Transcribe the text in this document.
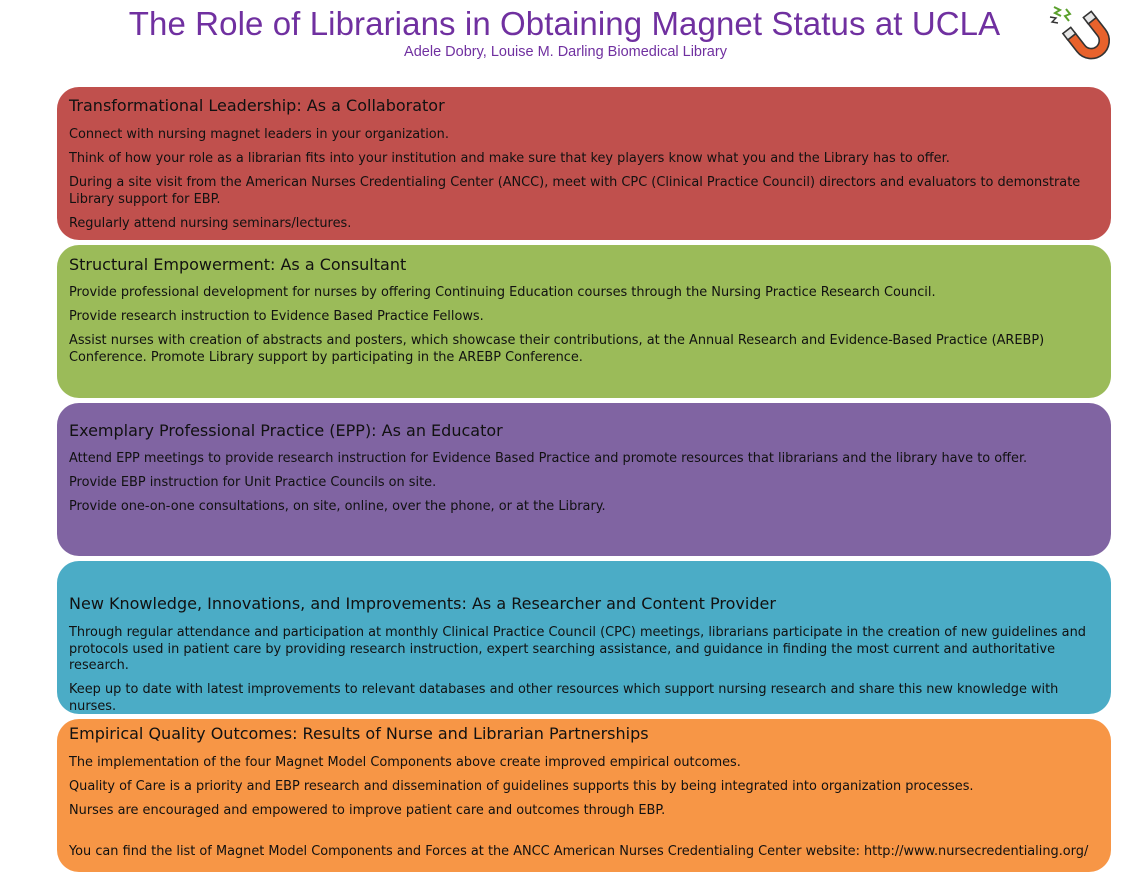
The Role of Librarians in Obtaining Magnet Status at UCLA
Adele Dobry, Louise M. Darling Biomedical Library
Transformational Leadership: As a Collaborator

Connect with nursing magnet leaders in your organization.

Think of how your role as a librarian fits into your institution and make sure that key players know what you and the Library has to offer.

During a site visit from the American Nurses Credentialing Center (ANCC), meet with CPC (Clinical Practice Council) directors and evaluators to demonstrate Library support for EBP.

Regularly attend nursing seminars/lectures.

Structural Empowerment: As a Consultant

Provide professional development for nurses by offering Continuing Education courses through the Nursing Practice Research Council.

Provide research instruction to Evidence Based Practice Fellows.

Assist nurses with creation of abstracts and posters, which showcase their contributions, at the Annual Research and Evidence-Based Practice (AREBP) Conference. Promote Library support by participating in the AREBP Conference.

Exemplary Professional Practice (EPP): As an Educator

Attend EPP meetings to provide research instruction for Evidence Based Practice and promote resources that librarians and the library have to offer.

Provide EBP instruction for Unit Practice Councils on site.

Provide one-on-one consultations, on site, online, over the phone, or at the Library.

New Knowledge, Innovations, and Improvements: As a Researcher and Content Provider

Through regular attendance and participation at monthly Clinical Practice Council (CPC) meetings, librarians participate in the creation of new guidelines and protocols used in patient care by providing research instruction, expert searching assistance, and guidance in finding the most current and authoritative research.

Keep up to date with latest improvements to relevant databases and other resources which support nursing research and share this new knowledge with nurses.

Empirical Quality Outcomes: Results of Nurse and Librarian Partnerships

The implementation of the four Magnet Model Components above create improved empirical outcomes.

Quality of Care is a priority and EBP research and dissemination of guidelines supports this by being integrated into organization processes.

Nurses are encouraged and empowered to improve patient care and outcomes through EBP.

You can find the list of Magnet Model Components and Forces at the ANCC American Nurses Credentialing Center website: http://www.nursecredentialing.org/
